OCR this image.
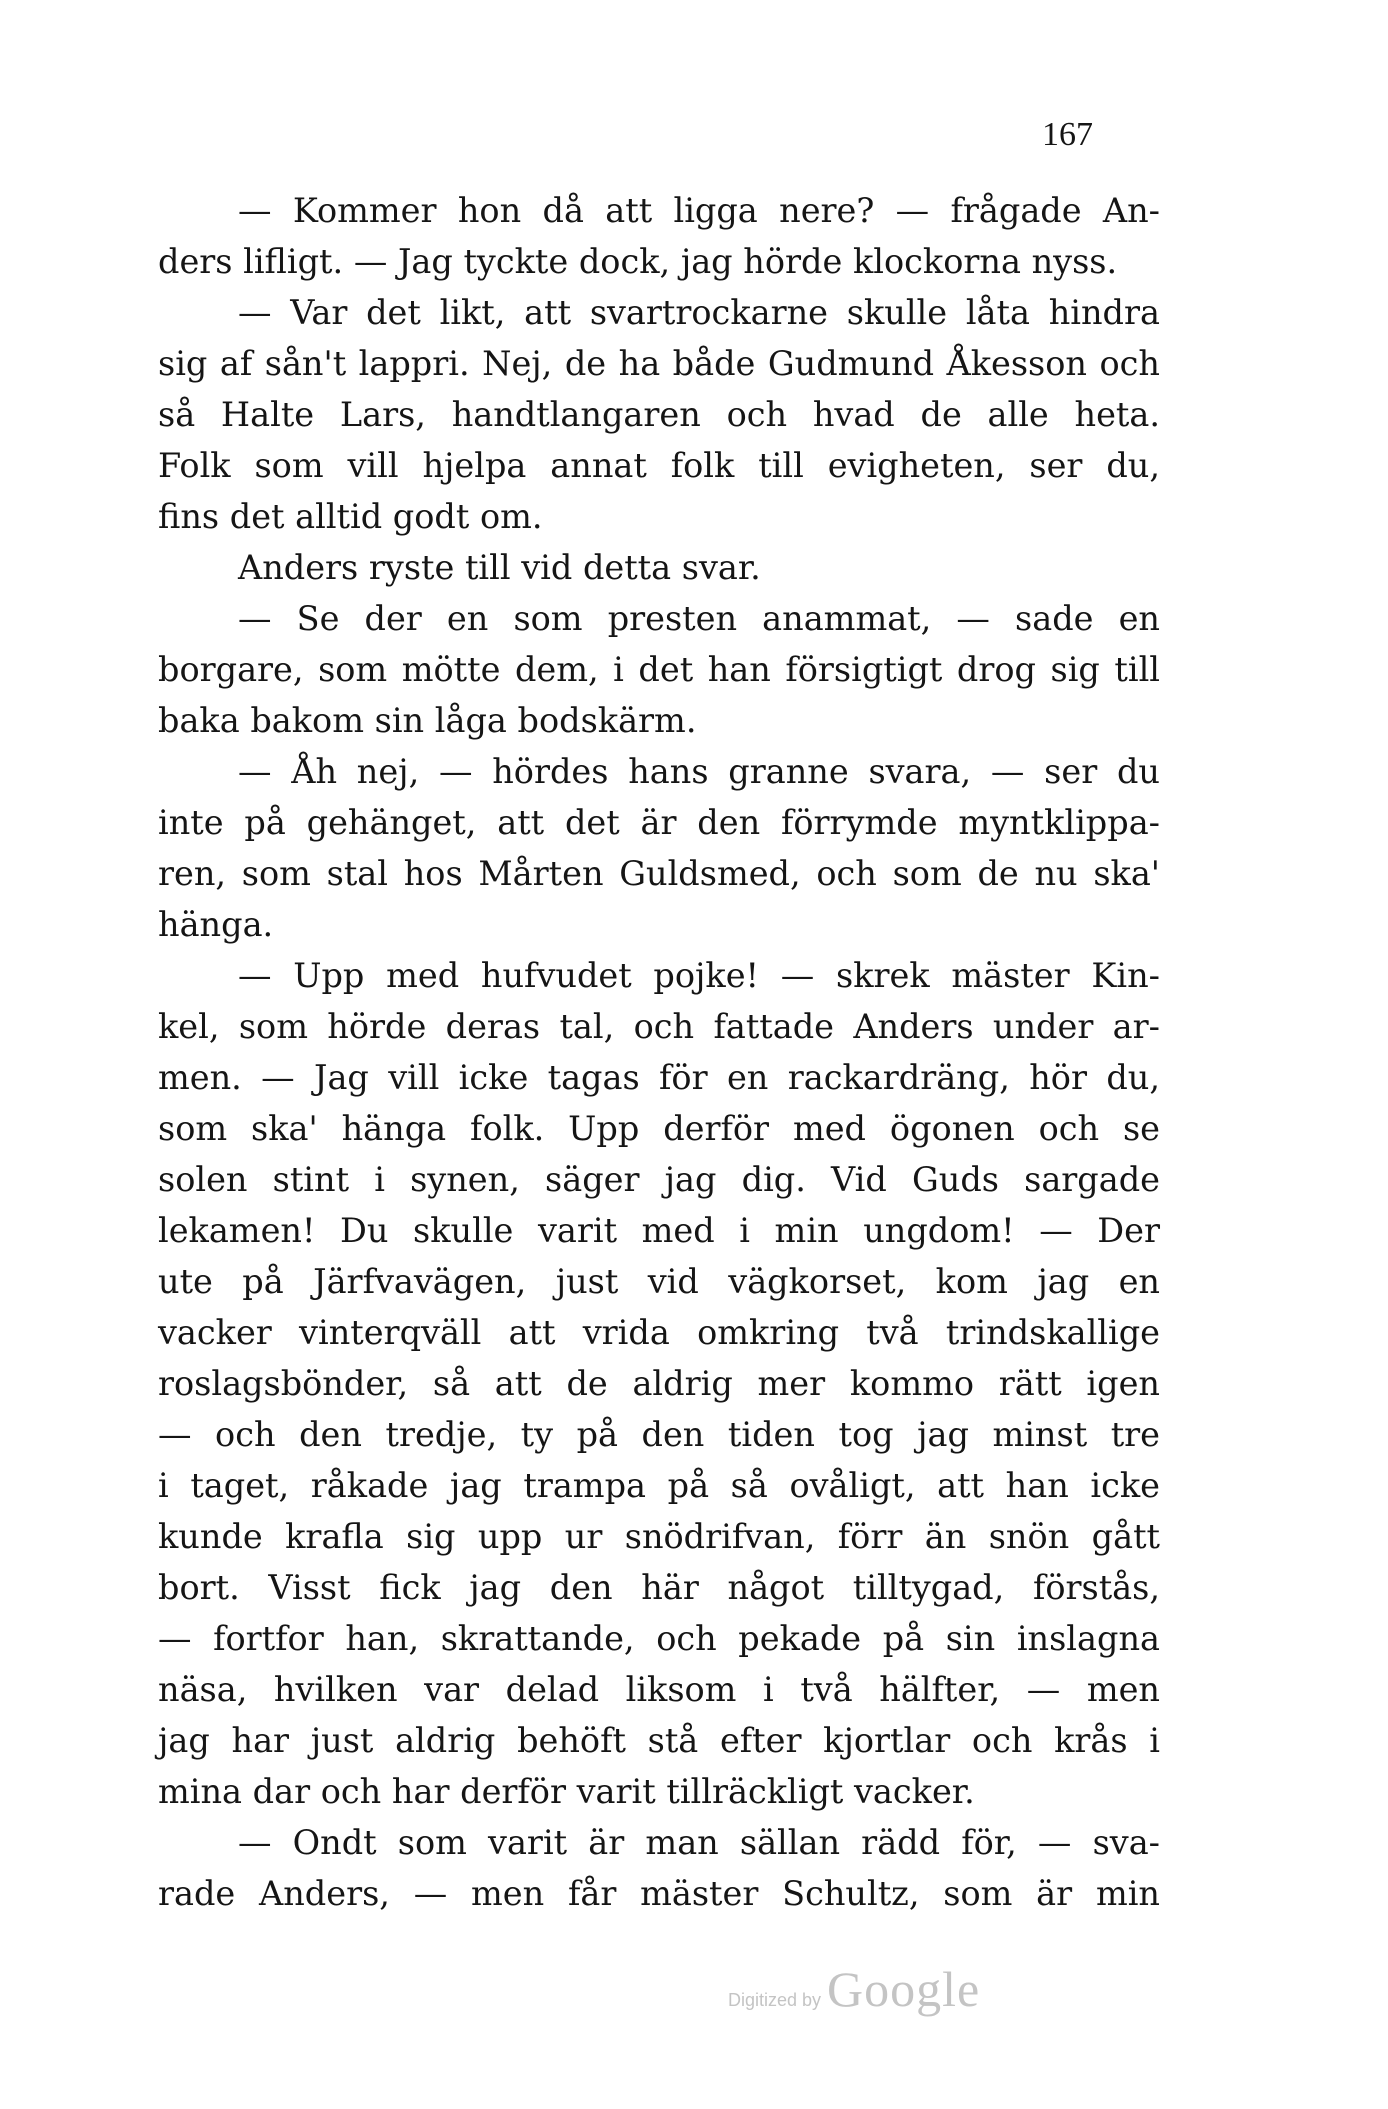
167
— Kommer hon då att ligga nere? — frågade An-
ders lifligt. — Jag tyckte dock, jag hörde klockorna nyss.
— Var det likt, att svartrockarne skulle låta hindra
sig af sån't lappri. Nej, de ha både Gudmund Åkesson och
så Halte Lars, handtlangaren och hvad de alle heta.
Folk som vill hjelpa annat folk till evigheten, ser du,
fins det alltid godt om.
Anders ryste till vid detta svar.
— Se der en som presten anammat, — sade en
borgare, som mötte dem, i det han försigtigt drog sig till
baka bakom sin låga bodskärm.
— Åh nej, — hördes hans granne svara, — ser du
inte på gehänget, att det är den förrymde myntklippa-
ren, som stal hos Mårten Guldsmed, och som de nu ska'
hänga.
— Upp med hufvudet pojke! — skrek mäster Kin-
kel, som hörde deras tal, och fattade Anders under ar-
men. — Jag vill icke tagas för en rackardräng, hör du,
som ska' hänga folk. Upp derför med ögonen och se
solen stint i synen, säger jag dig. Vid Guds sargade
lekamen! Du skulle varit med i min ungdom! — Der
ute på Järfvavägen, just vid vägkorset, kom jag en
vacker vinterqväll att vrida omkring två trindskallige
roslagsbönder, så att de aldrig mer kommo rätt igen
— och den tredje, ty på den tiden tog jag minst tre
i taget, råkade jag trampa på så ovåligt, att han icke
kunde krafla sig upp ur snödrifvan, förr än snön gått
bort. Visst fick jag den här något tilltygad, förstås,
— fortfor han, skrattande, och pekade på sin inslagna
näsa, hvilken var delad liksom i två hälfter, — men
jag har just aldrig behöft stå efter kjortlar och krås i
mina dar och har derför varit tillräckligt vacker.
— Ondt som varit är man sällan rädd för, — sva-
rade Anders, — men får mäster Schultz, som är min
Digitized by Google
